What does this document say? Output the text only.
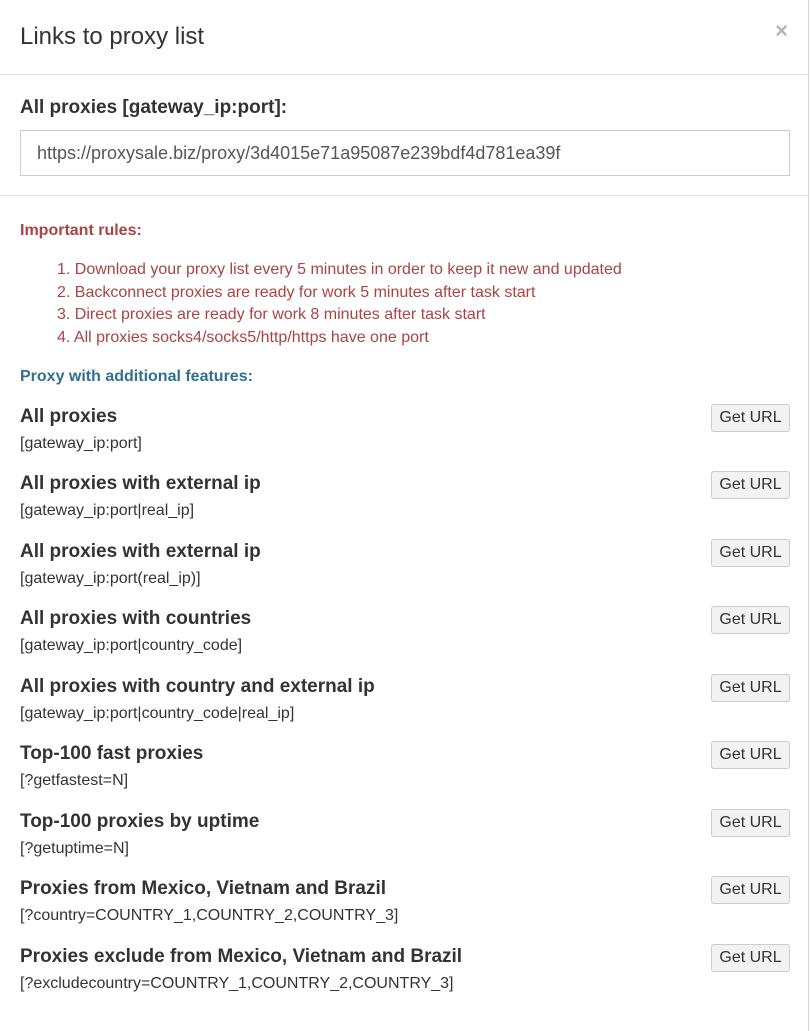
Links to proxy list	×
All proxies [gateway_ip:port]:
https://proxysale.biz/proxy/3d4015e71a95087e239bdf4d781ea39f
Important rules:
1. Download your proxy list every 5 minutes in order to keep it new and updated
2. Backconnect proxies are ready for work 5 minutes after task start
3. Direct proxies are ready for work 8 minutes after task start
4. All proxies socks4/socks5/http/https have one port
Proxy with additional features:
All proxies
[gateway_ip:port]
Get URL
All proxies with external ip
[gateway_ip:port|real_ip]
Get URL
All proxies with external ip
[gateway_ip:port(real_ip)]
Get URL
All proxies with countries
[gateway_ip:port|country_code]
Get URL
All proxies with country and external ip
[gateway_ip:port|country_code|real_ip]
Get URL
Top-100 fast proxies
[?getfastest=N]
Get URL
Top-100 proxies by uptime
[?getuptime=N]
Get URL
Proxies from Mexico, Vietnam and Brazil
[?country=COUNTRY_1,COUNTRY_2,COUNTRY_3]
Get URL
Proxies exclude from Mexico, Vietnam and Brazil
[?excludecountry=COUNTRY_1,COUNTRY_2,COUNTRY_3]
Get URL
